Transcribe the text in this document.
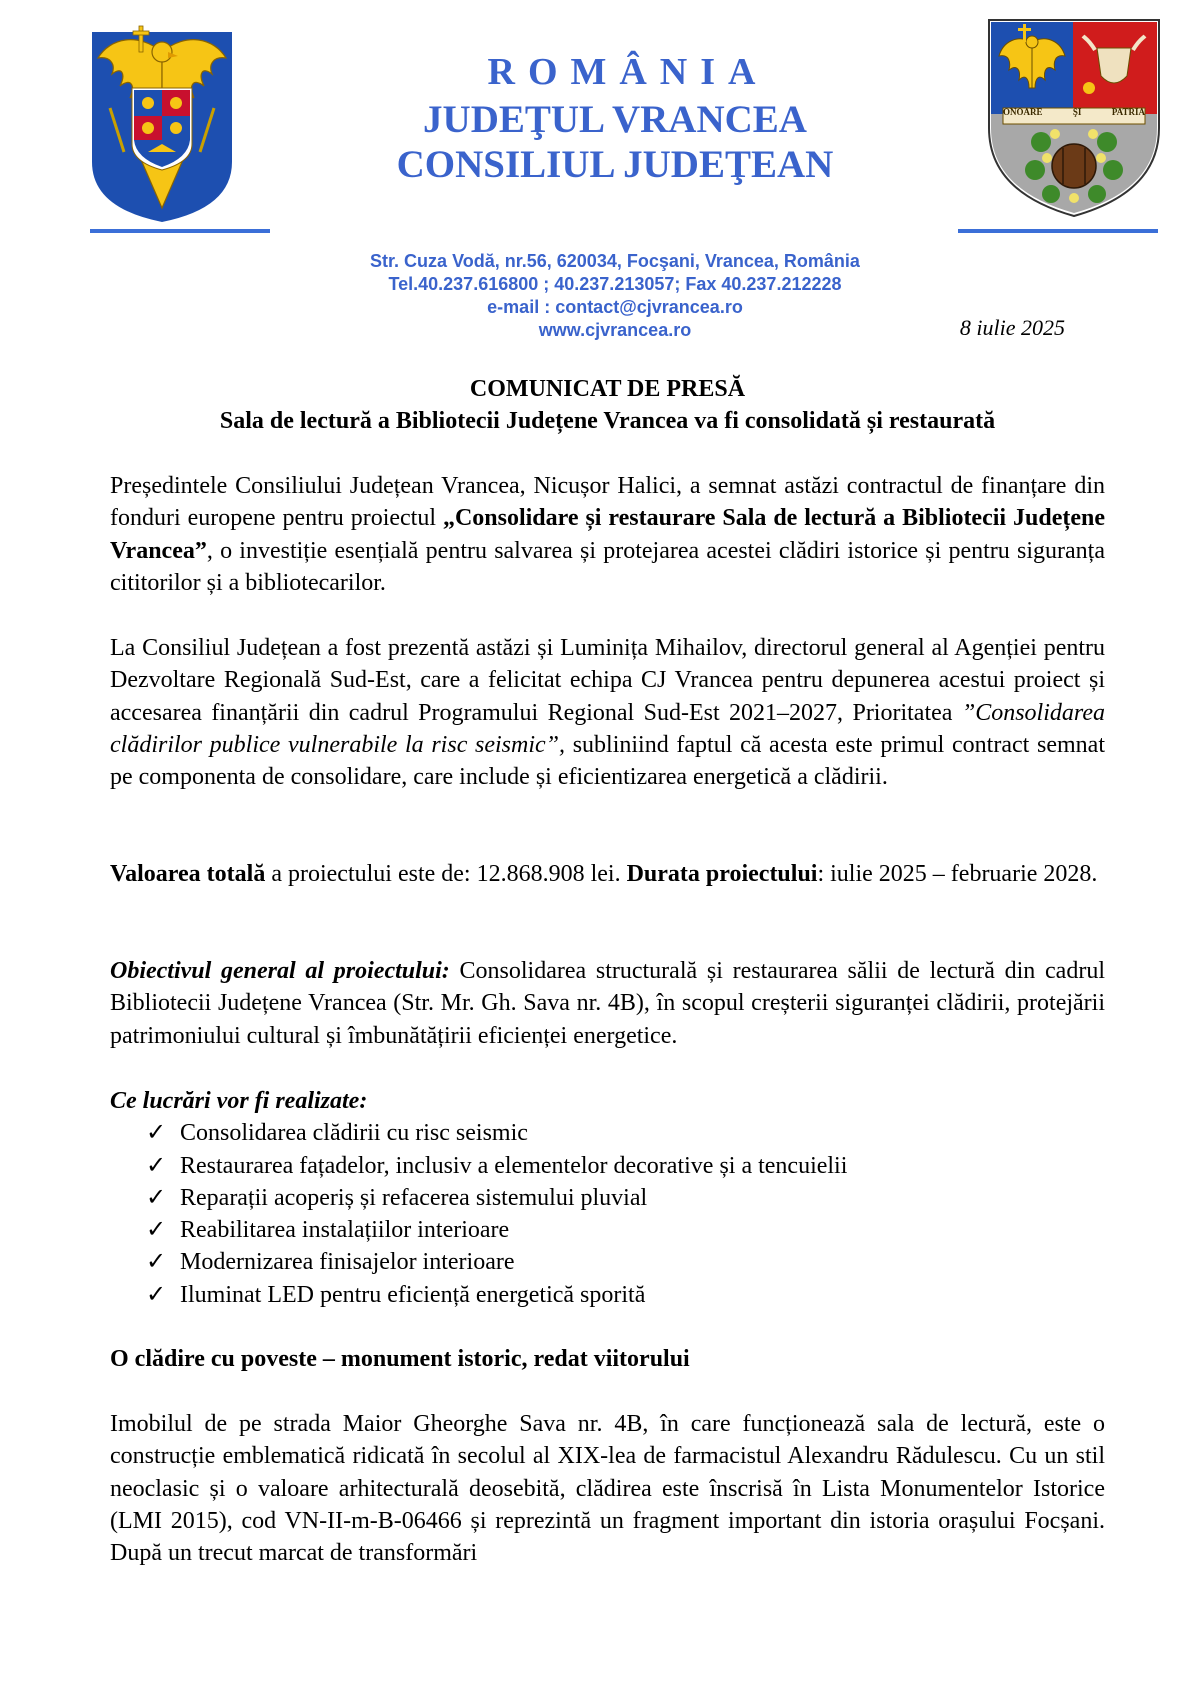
ONOARE	ŞI	PATRIA
ROMÂNIA
JUDEŢUL VRANCEA
CONSILIUL JUDEŢEAN
Str. Cuza Vodă, nr.56, 620034, Focşani, Vrancea, România
Tel.40.237.616800 ; 40.237.213057; Fax 40.237.212228
e-mail : contact@cjvrancea.ro
www.cjvrancea.ro	8 iulie 2025
COMUNICAT DE PRESĂ
Sala de lectură a Bibliotecii Județene Vrancea va fi consolidată și restaurată

Președintele Consiliului Județean Vrancea, Nicușor Halici, a semnat astăzi contractul de finanțare din fonduri europene pentru proiectul „Consolidare și restaurare Sala de lectură a Bibliotecii Județene Vrancea”, o investiție esențială pentru salvarea și protejarea acestei clădiri istorice și pentru siguranța cititorilor și a bibliotecarilor.

La Consiliul Județean a fost prezentă astăzi și Luminița Mihailov, directorul general al Agenției pentru Dezvoltare Regională Sud-Est, care a felicitat echipa CJ Vrancea pentru depunerea acestui proiect și accesarea finanțării din cadrul Programului Regional Sud-Est 2021–2027, Prioritatea ”Consolidarea clădirilor publice vulnerabile la risc seismic”, subliniind faptul că acesta este primul contract semnat pe componenta de consolidare, care include și eficientizarea energetică a clădirii.

Valoarea totală a proiectului este de: 12.868.908 lei. Durata proiectului: iulie 2025 – februarie 2028.

Obiectivul general al proiectului: Consolidarea structurală și restaurarea sălii de lectură din cadrul Bibliotecii Județene Vrancea (Str. Mr. Gh. Sava nr. 4B), în scopul creșterii siguranței clădirii, protejării patrimoniului cultural și îmbunătățirii eficienței energetice.

Ce lucrări vor fi realizate:

✓ Consolidarea clădirii cu risc seismic
✓ Restaurarea fațadelor, inclusiv a elementelor decorative și a tencuielii
✓ Reparații acoperiș și refacerea sistemului pluvial
✓ Reabilitarea instalațiilor interioare
✓ Modernizarea finisajelor interioare
✓ Iluminat LED pentru eficiență energetică sporită
O clădire cu poveste – monument istoric, redat viitorului

Imobilul de pe strada Maior Gheorghe Sava nr. 4B, în care funcționează sala de lectură, este o construcție emblematică ridicată în secolul al XIX-lea de farmacistul Alexandru Rădulescu. Cu un stil neoclasic și o valoare arhitecturală deosebită, clădirea este înscrisă în Lista Monumentelor Istorice (LMI 2015), cod VN-II-m-B-06466 și reprezintă un fragment important din istoria orașului Focșani. După un trecut marcat de transformări
